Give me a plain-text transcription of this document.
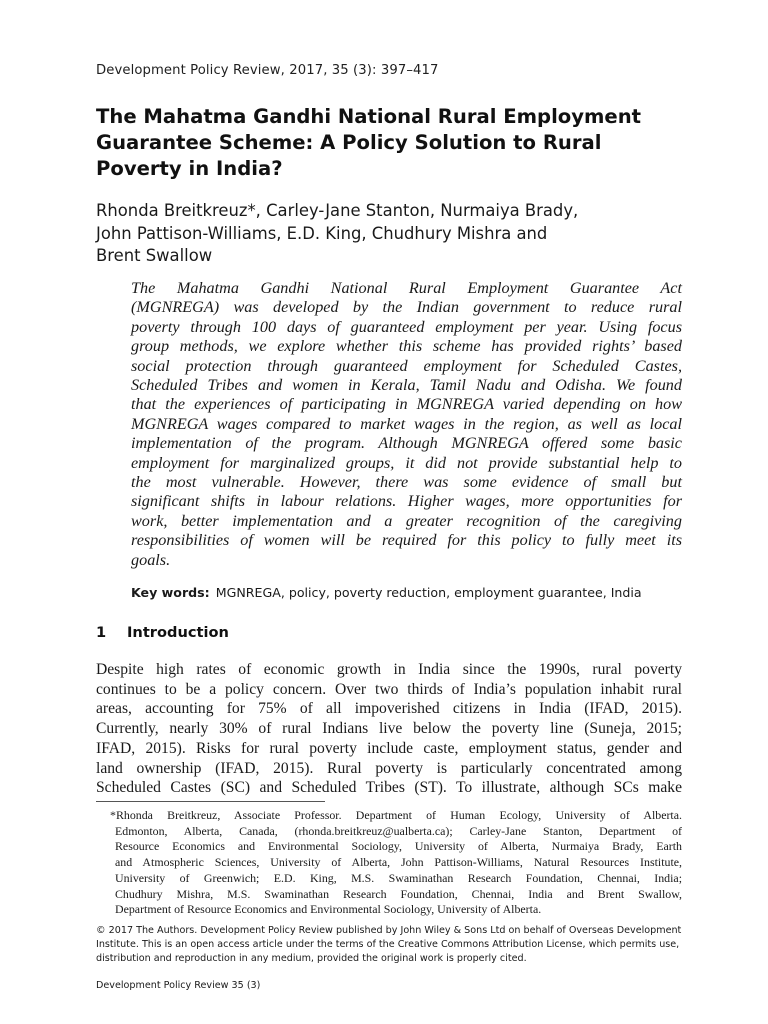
Development Policy Review, 2017, 35 (3): 397–417
The Mahatma Gandhi National Rural Employment
Guarantee Scheme: A Policy Solution to Rural
Poverty in India?
Rhonda Breitkreuz*, Carley-Jane Stanton, Nurmaiya Brady,
John Pattison-Williams, E.D. King, Chudhury Mishra and
Brent Swallow
The Mahatma Gandhi National Rural Employment Guarantee Act
(MGNREGA) was developed by the Indian government to reduce rural
poverty through 100 days of guaranteed employment per year. Using focus
group methods, we explore whether this scheme has provided rights’ based
social protection through guaranteed employment for Scheduled Castes,
Scheduled Tribes and women in Kerala, Tamil Nadu and Odisha. We found
that the experiences of participating in MGNREGA varied depending on how
MGNREGA wages compared to market wages in the region, as well as local
implementation of the program. Although MGNREGA offered some basic
employment for marginalized groups, it did not provide substantial help to
the most vulnerable. However, there was some evidence of small but
significant shifts in labour relations. Higher wages, more opportunities for
work, better implementation and a greater recognition of the caregiving
responsibilities of women will be required for this policy to fully meet its
goals.
Key words: MGNREGA, policy, poverty reduction, employment guarantee, India
1 Introduction
Despite high rates of economic growth in India since the 1990s, rural poverty
continues to be a policy concern. Over two thirds of India’s population inhabit rural
areas, accounting for 75% of all impoverished citizens in India (IFAD, 2015).
Currently, nearly 30% of rural Indians live below the poverty line (Suneja, 2015;
IFAD, 2015). Risks for rural poverty include caste, employment status, gender and
land ownership (IFAD, 2015). Rural poverty is particularly concentrated among
Scheduled Castes (SC) and Scheduled Tribes (ST). To illustrate, although SCs make
*Rhonda Breitkreuz, Associate Professor. Department of Human Ecology, University of Alberta.
Edmonton, Alberta, Canada, (rhonda.breitkreuz@ualberta.ca); Carley-Jane Stanton, Department of
Resource Economics and Environmental Sociology, University of Alberta, Nurmaiya Brady, Earth
and Atmospheric Sciences, University of Alberta, John Pattison-Williams, Natural Resources Institute,
University of Greenwich; E.D. King, M.S. Swaminathan Research Foundation, Chennai, India;
Chudhury Mishra, M.S. Swaminathan Research Foundation, Chennai, India and Brent Swallow,
Department of Resource Economics and Environmental Sociology, University of Alberta.
© 2017 The Authors. Development Policy Review published by John Wiley & Sons Ltd on behalf of Overseas Development
Institute. This is an open access article under the terms of the Creative Commons Attribution License, which permits use,
distribution and reproduction in any medium, provided the original work is properly cited.
Development Policy Review 35 (3)
